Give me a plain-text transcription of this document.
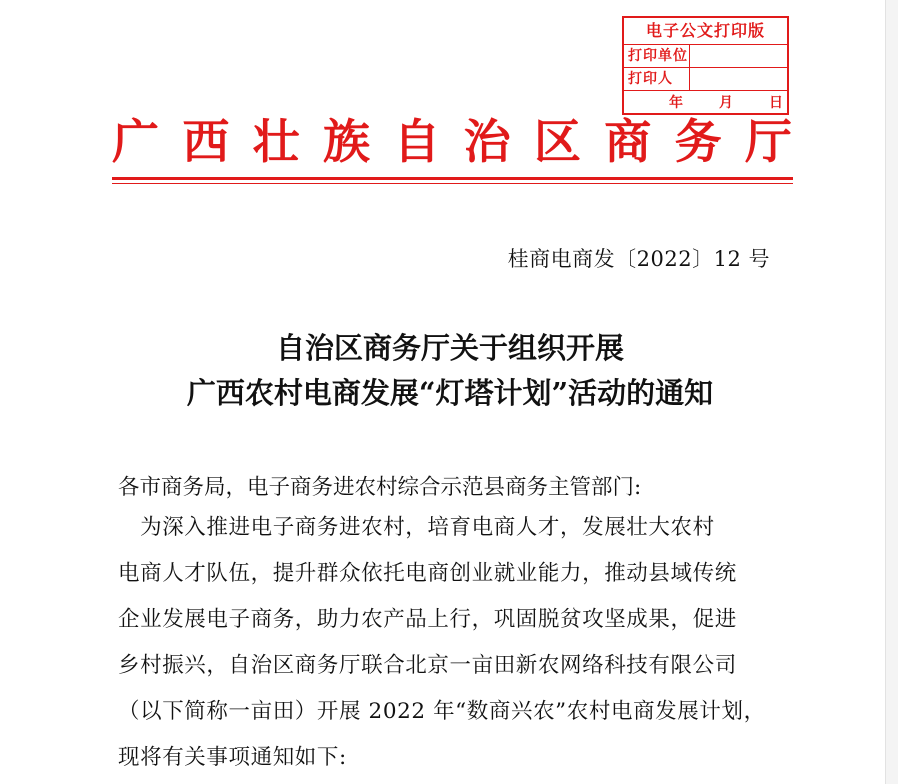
电子公文打印版
打印单位
打印人
年	月	日
广 西 壮 族 自 治 区 商 务 厅
桂商电商发〔2022〕12 号
自治区商务厅关于组织开展
广西农村电商发展“灯塔计划”活动的通知
各市商务局，电子商务进农村综合示范县商务主管部门:
　为深入推进电子商务进农村，培育电商人才，发展壮大农村
电商人才队伍，提升群众依托电商创业就业能力，推动县域传统
企业发展电子商务，助力农产品上行，巩固脱贫攻坚成果，促进
乡村振兴，自治区商务厅联合北京一亩田新农网络科技有限公司
（以下简称一亩田）开展 2022 年“数商兴农”农村电商发展计划，
现将有关事项通知如下:
